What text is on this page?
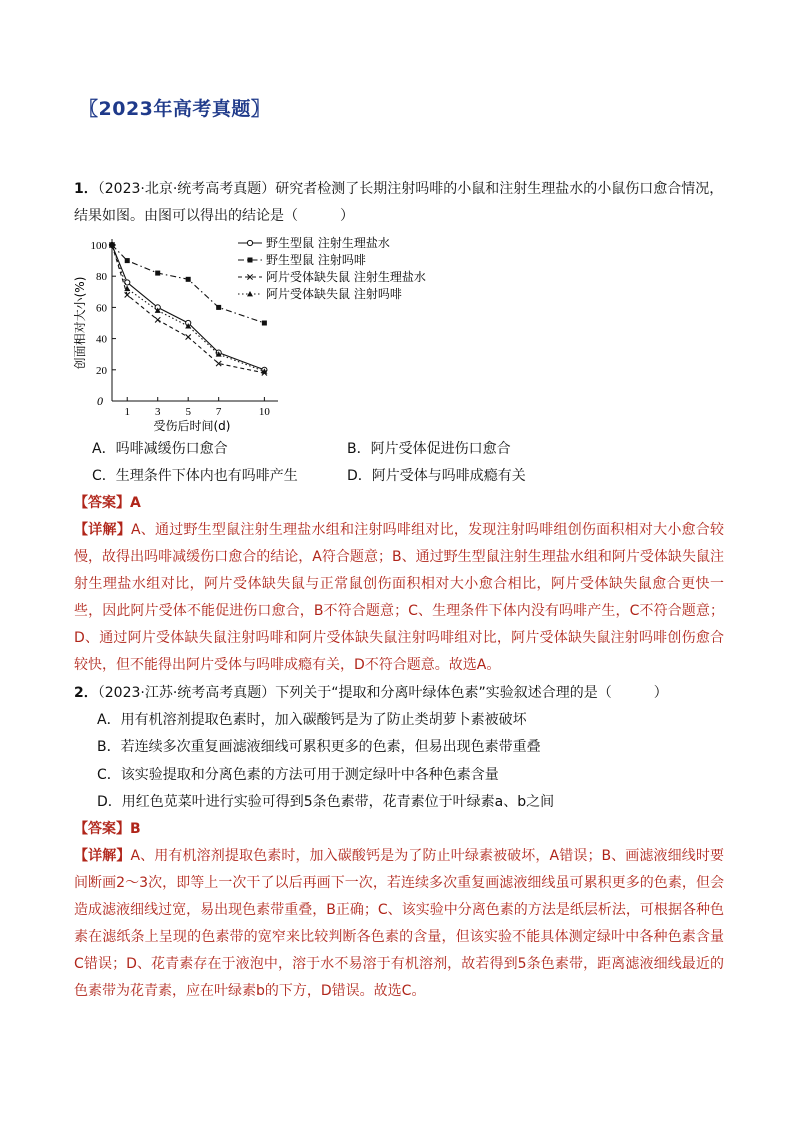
〖2023年高考真题〗
1．（2023·北京·统考高考真题）研究者检测了长期注射吗啡的小鼠和注射生理盐水的小鼠伤口愈合情况，结果如图。由图可以得出的结论是（　　　）
20
40
60
80
100
0
1 3 5 7	10
受伤后时间(d)
创面相对大小(%)
野生型鼠 注射生理盐水
野生型鼠 注射吗啡
阿片受体缺失鼠 注射生理盐水
阿片受体缺失鼠 注射吗啡
A．吗啡减缓伤口愈合	B．阿片受体促进伤口愈合
C．生理条件下体内也有吗啡产生	D．阿片受体与吗啡成瘾有关
【答案】A
【详解】A、通过野生型鼠注射生理盐水组和注射吗啡组对比，发现注射吗啡组创伤面积相对大小愈合较慢，故得出吗啡减缓伤口愈合的结论，A符合题意；B、通过野生型鼠注射生理盐水组和阿片受体缺失鼠注射生理盐水组对比，阿片受体缺失鼠与正常鼠创伤面积相对大小愈合相比，阿片受体缺失鼠愈合更快一些，因此阿片受体不能促进伤口愈合，B不符合题意；C、生理条件下体内没有吗啡产生，C不符合题意；D、通过阿片受体缺失鼠注射吗啡和阿片受体缺失鼠注射吗啡组对比，阿片受体缺失鼠注射吗啡创伤愈合较快，但不能得出阿片受体与吗啡成瘾有关，D不符合题意。故选A。
2．（2023·江苏·统考高考真题）下列关于“提取和分离叶绿体色素”实验叙述合理的是（　　　）
A．用有机溶剂提取色素时，加入碳酸钙是为了防止类胡萝卜素被破坏
B．若连续多次重复画滤液细线可累积更多的色素，但易出现色素带重叠
C．该实验提取和分离色素的方法可用于测定绿叶中各种色素含量
D．用红色苋菜叶进行实验可得到5条色素带，花青素位于叶绿素a、b之间
【答案】B
【详解】A、用有机溶剂提取色素时，加入碳酸钙是为了防止叶绿素被破坏，A错误；B、画滤液细线时要间断画2～3次，即等上一次干了以后再画下一次，若连续多次重复画滤液细线虽可累积更多的色素，但会造成滤液细线过宽，易出现色素带重叠，B正确；C、该实验中分离色素的方法是纸层析法，可根据各种色素在滤纸条上呈现的色素带的宽窄来比较判断各色素的含量，但该实验不能具体测定绿叶中各种色素含量C错误；D、花青素存在于液泡中，溶于水不易溶于有机溶剂，故若得到5条色素带，距离滤液细线最近的色素带为花青素，应在叶绿素b的下方，D错误。故选C。
